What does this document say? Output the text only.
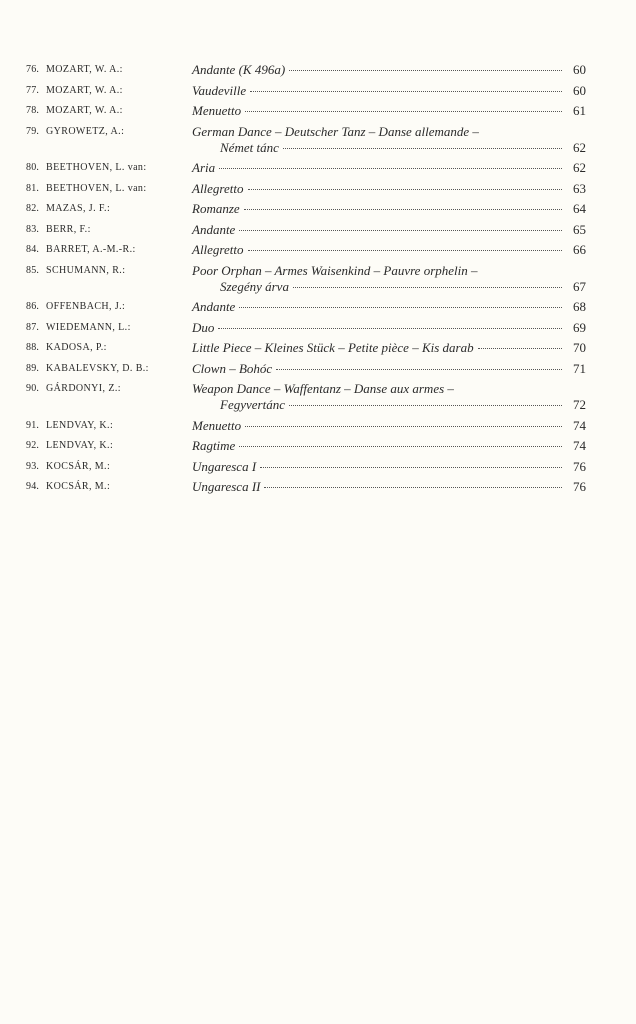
76. MOZART, W. A.:	Andante (K 496a)	60
77. MOZART, W. A.:	Vaudeville	60
78. MOZART, W. A.:	Menuetto	61
79. GYROWETZ, A.:	German Dance – Deutscher Tanz – Danse allemande –
Német tánc	62
80. BEETHOVEN, L. van:	Aria	62
81. BEETHOVEN, L. van:	Allegretto	63
82. MAZAS, J. F.:	Romanze	64
83. BERR, F.:	Andante	65
84. BARRET, A.-M.-R.:	Allegretto	66
85. SCHUMANN, R.:	Poor Orphan – Armes Waisenkind – Pauvre orphelin –
Szegény árva	67
86. OFFENBACH, J.:	Andante	68
87. WIEDEMANN, L.:	Duo	69
88. KADOSA, P.:	Little Piece – Kleines Stück – Petite pièce – Kis darab	70
89. KABALEVSKY, D. B.:	Clown – Bohóc	71
90. GÁRDONYI, Z.:	Weapon Dance – Waffentanz – Danse aux armes –
Fegyvertánc	72
91. LENDVAY, K.:	Menuetto	74
92. LENDVAY, K.:	Ragtime	74
93. KOCSÁR, M.:	Ungaresca I	76
94. KOCSÁR, M.:	Ungaresca II	76
